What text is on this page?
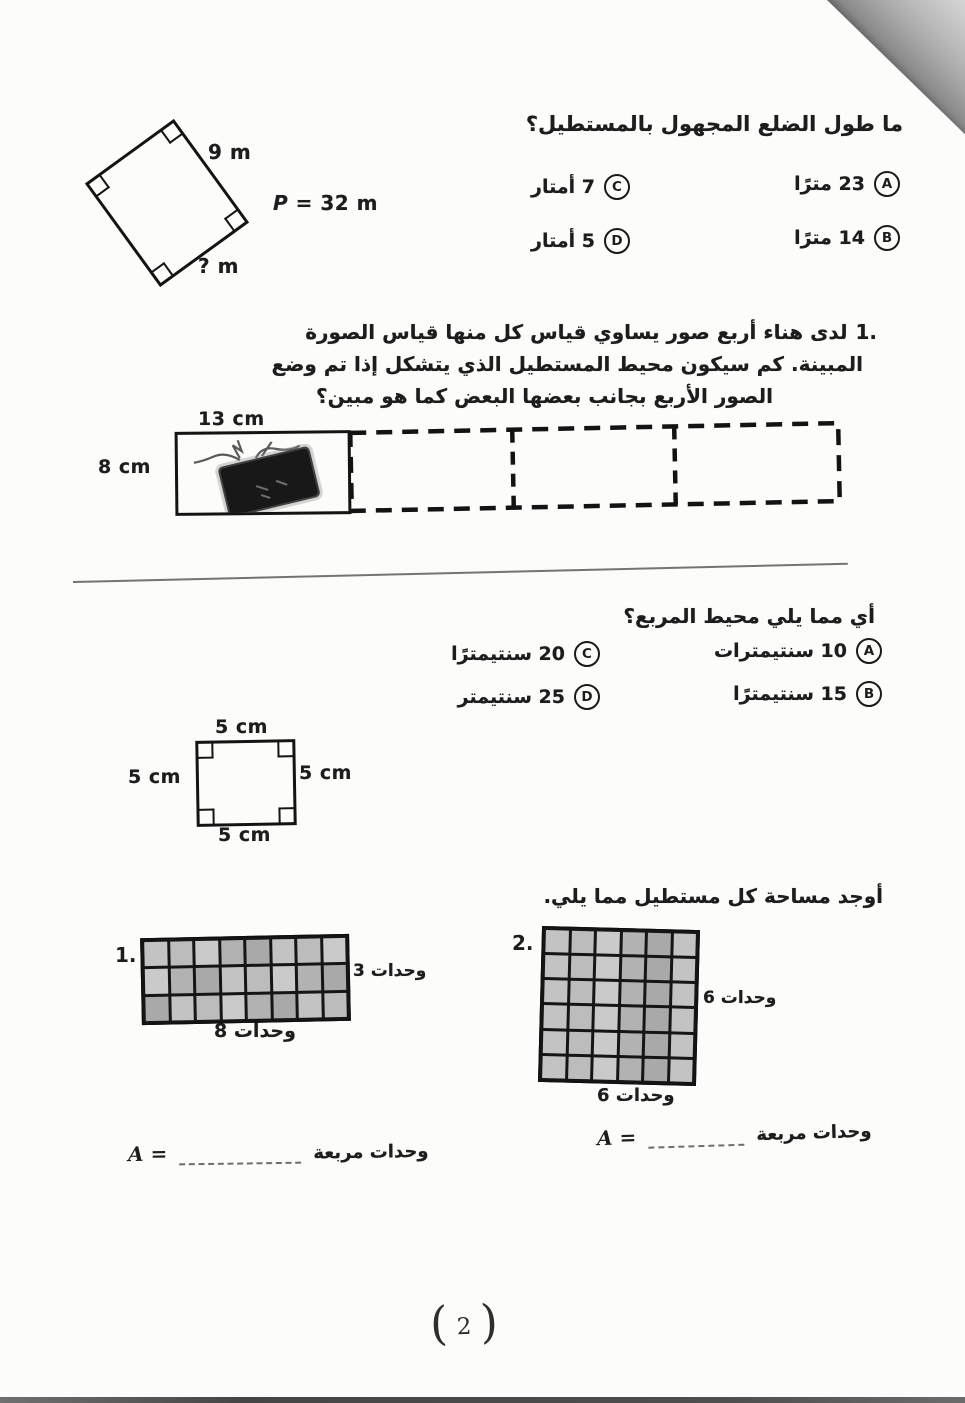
9 m
P = 32 m
? m
ما طول الضلع المجهول بالمستطيل؟
A
23 مترًا
B
14 مترًا
C
7 أمتار
D
5 أمتار
1.
لدى هناء أربع صور يساوي قياس كل منها قياس الصورة
المبينة. كم سيكون محيط المستطيل الذي يتشكل إذا تم وضع
الصور الأربع بجانب بعضها البعض كما هو مبين؟
13 cm
8 cm
أي مما يلي محيط المربع؟
A
10 سنتيمترات
B
15 سنتيمترًا
C
20 سنتيمترًا
D
25 سنتيمتر
5 cm
5 cm	5 cm
5 cm
أوجد مساحة كل مستطيل مما يلي.
1.
3 وحدات
8 وحدات
2.
6 وحدات
6 وحدات
A =	وحدات مربعة
A =	وحدات مربعة
( 2 )
